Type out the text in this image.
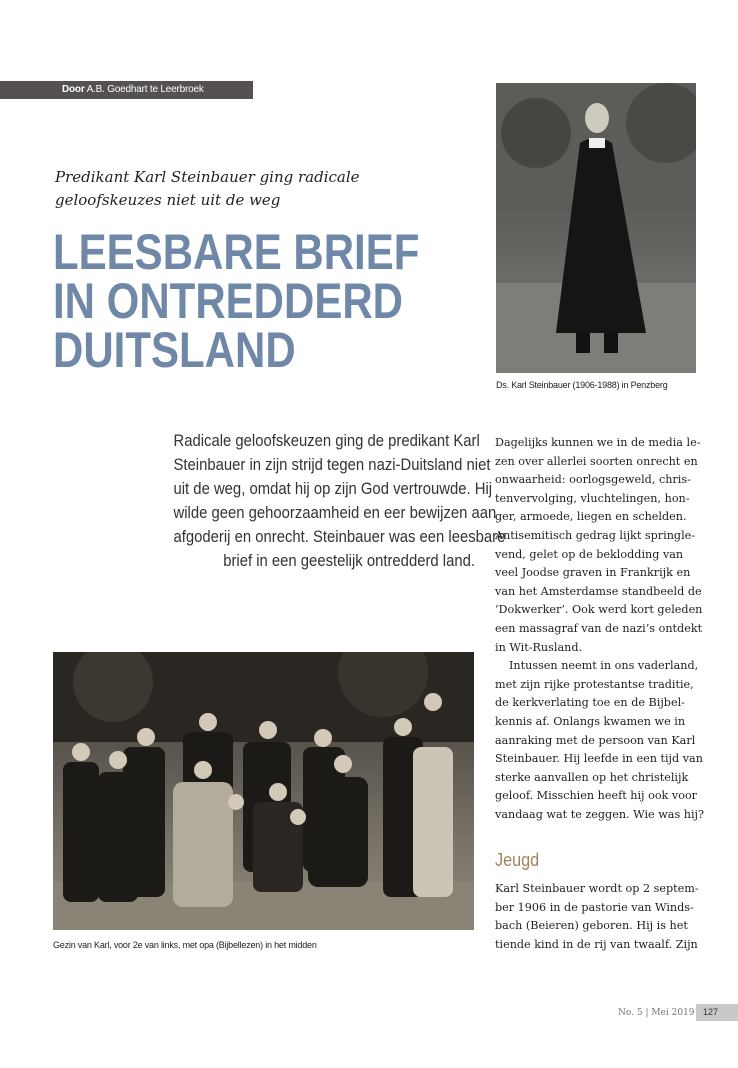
Door A.B. Goedhart te Leerbroek
Predikant Karl Steinbauer ging radicale
geloofskeuzes niet uit de weg
LEESBARE BRIEF
IN ONTREDDERD
DUITSLAND
Ds. Karl Steinbauer (1906-1988) in Penzberg
Radicale geloofskeuzen ging de predikant Karl
Steinbauer in zijn strijd tegen nazi-Duitsland niet
uit de weg, omdat hij op zijn God vertrouwde. Hij
wilde geen gehoorzaamheid en eer bewijzen aan
afgoderij en onrecht. Steinbauer was een leesbare
brief in een geestelijk ontredderd land.
Dagelijks kunnen we in de media le-
zen over allerlei soorten onrecht en
onwaarheid: oorlogsgeweld, chris-
tenvervolging, vluchtelingen, hon-
ger, armoede, liegen en schelden.
Antisemitisch gedrag lijkt springle-
vend, gelet op de beklodding van
veel Joodse graven in Frankrijk en
van het Amsterdamse standbeeld de
‘Dokwerker’. Ook werd kort geleden
een massagraf van de nazi’s ontdekt
in Wit-Rusland.
Intussen neemt in ons vaderland,
met zijn rijke protestantse traditie,
de kerkverlating toe en de Bijbel-
kennis af. Onlangs kwamen we in
aanraking met de persoon van Karl
Steinbauer. Hij leefde in een tijd van
sterke aanvallen op het christelijk
geloof. Misschien heeft hij ook voor
vandaag wat te zeggen. Wie was hij?
Jeugd
Karl Steinbauer wordt op 2 septem-
ber 1906 in de pastorie van Winds-
bach (Beieren) geboren. Hij is het
tiende kind in de rij van twaalf. Zijn
Gezin van Karl, voor 2e van links, met opa (Bijbellezen) in het midden
No. 5 | Mei 2019 127
